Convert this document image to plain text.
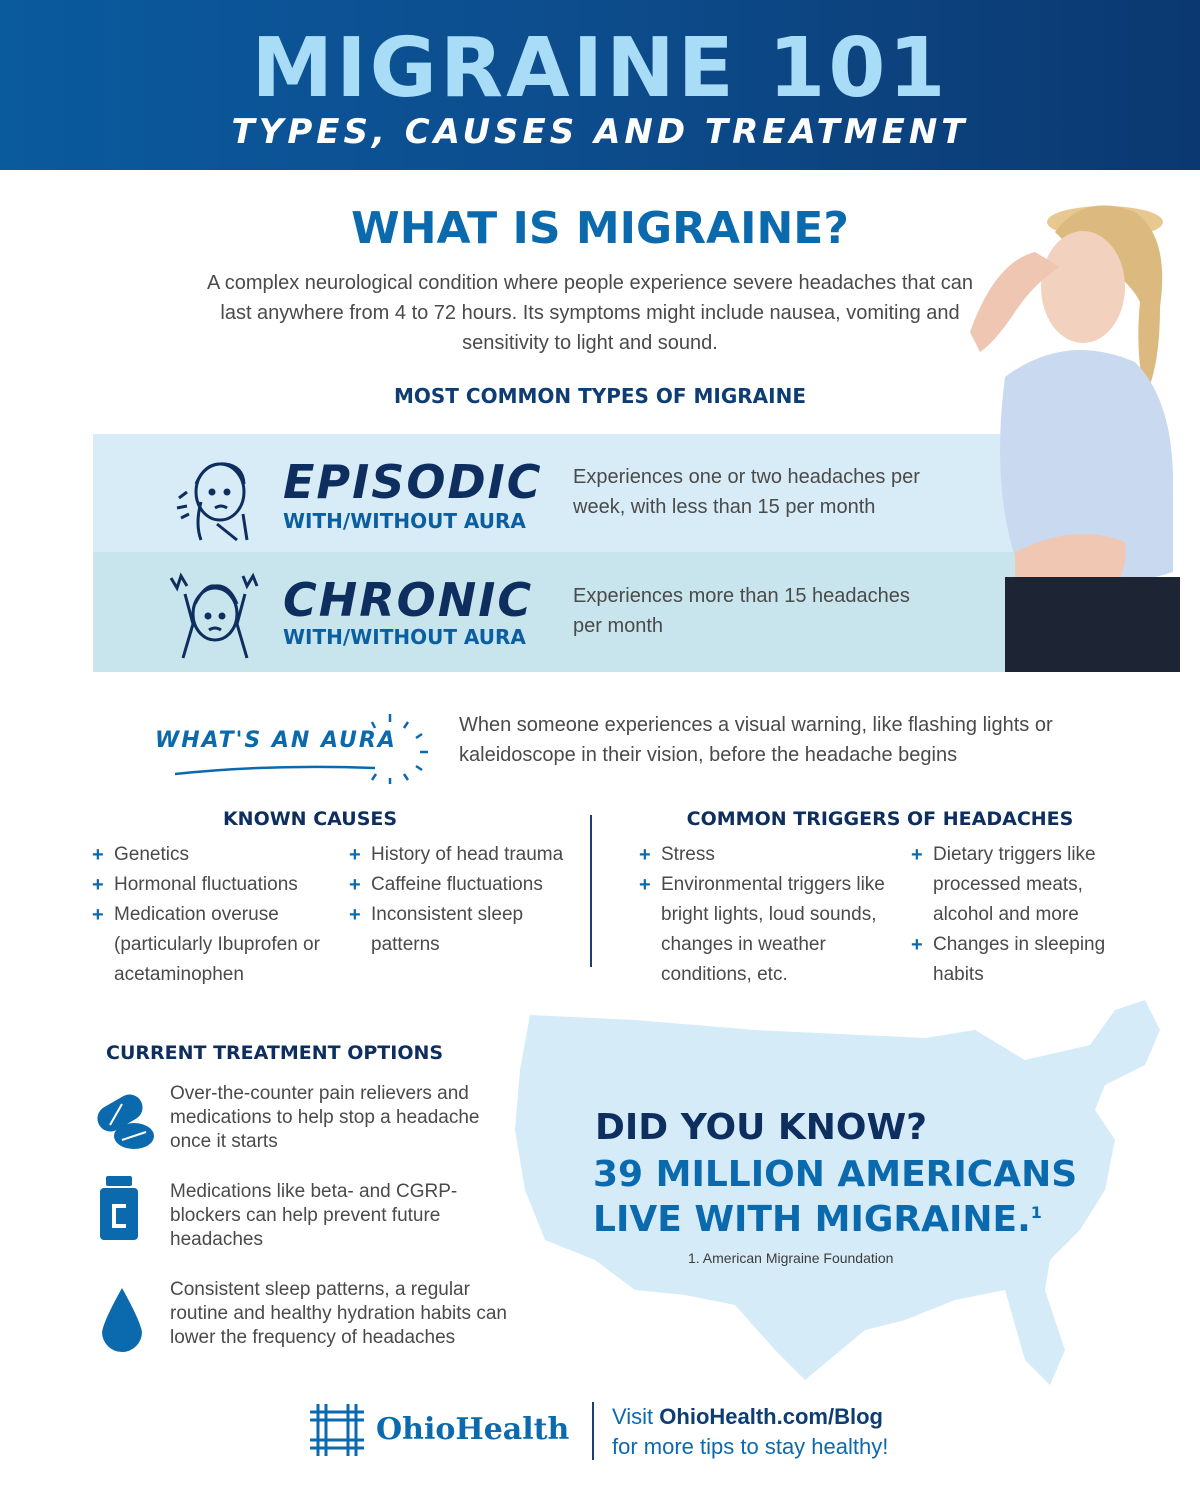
MIGRAINE 101
TYPES, CAUSES AND TREATMENT
WHAT IS MIGRAINE?
A complex neurological condition where people experience severe headaches that can last anywhere from 4 to 72 hours. Its symptoms might include nausea, vomiting and sensitivity to light and sound.
MOST COMMON TYPES OF MIGRAINE
EPISODIC
WITH/WITHOUT AURA
Experiences one or two headaches per week, with less than 15 per month
CHRONIC
WITH/WITHOUT AURA
Experiences more than 15 headaches per month
WHAT'S AN AURA
When someone experiences a visual warning, like flashing lights or kaleidoscope in their vision, before the headache begins
KNOWN CAUSES
+ Genetics
+ Hormonal fluctuations
+ Medication overuse (particularly Ibuprofen or acetaminophen
+ History of head trauma
+ Caffeine fluctuations
+ Inconsistent sleep patterns
COMMON TRIGGERS OF HEADACHES
+ Stress
+ Environmental triggers like bright lights, loud sounds, changes in weather conditions, etc.
+ Dietary triggers like processed meats, alcohol and more
+ Changes in sleeping habits
DID YOU KNOW?
39 MILLION AMERICANS LIVE WITH MIGRAINE.$^1$
1. American Migraine Foundation
CURRENT TREATMENT OPTIONS
Over-the-counter pain relievers and medications to help stop a headache once it starts
Medications like beta- and CGRP-blockers can help prevent future headaches
Consistent sleep patterns, a regular routine and healthy hydration habits can lower the frequency of headaches
OhioHealth Visit OhioHealth.com/Blog
for more tips to stay healthy!
